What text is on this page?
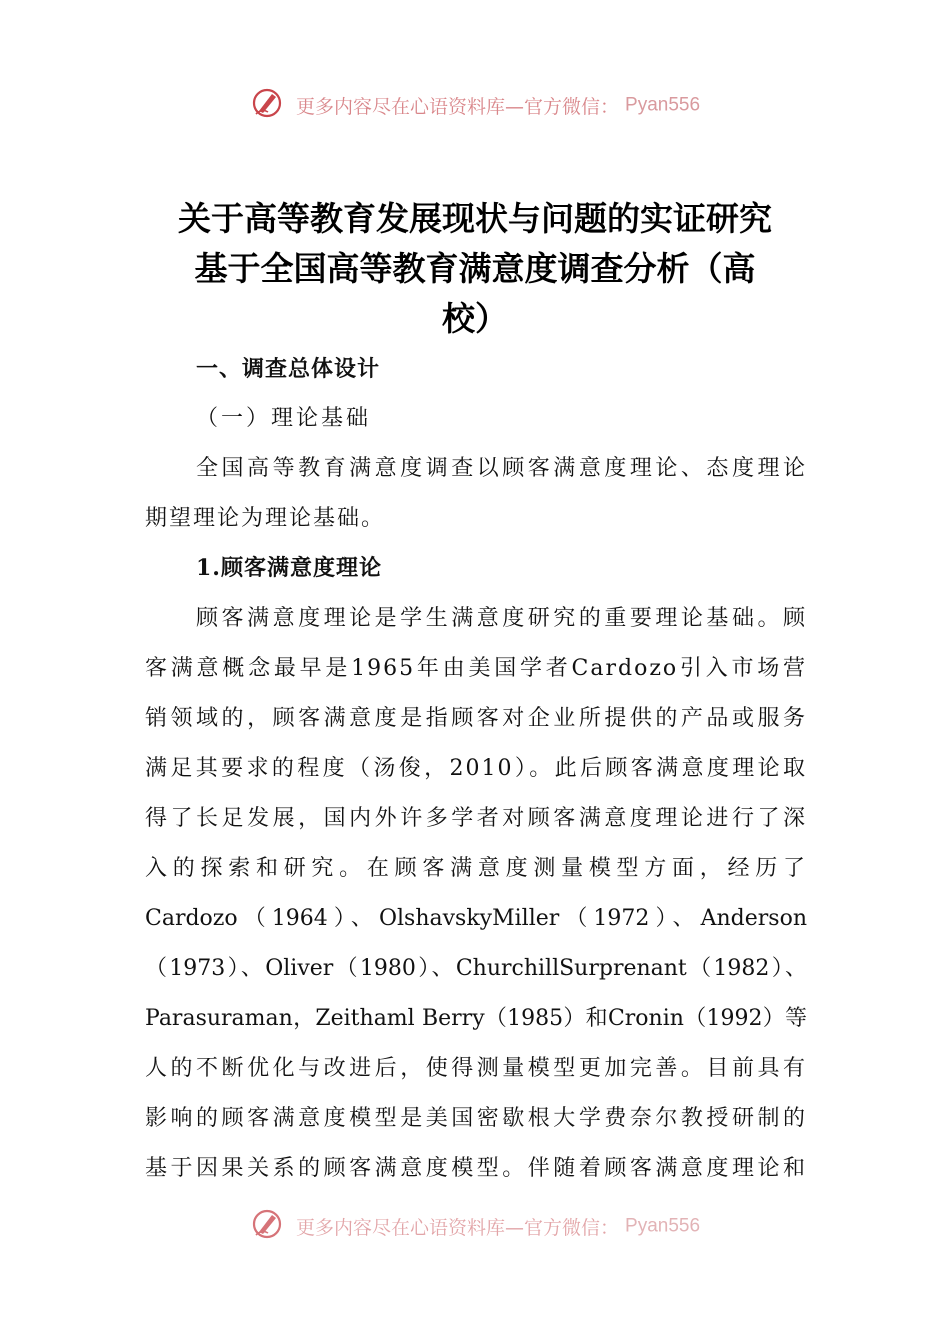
更多内容尽在心语资料库—官方微信： Pyan556
关于高等教育发展现状与问题的实证研究
基于全国高等教育满意度调查分析（高
校）
一、调查总体设计
（一）理论基础
全国高等教育满意度调查以顾客满意度理论、态度理论
期望理论为理论基础。
1.顾客满意度理论
顾客满意度理论是学生满意度研究的重要理论基础。顾
客满意概念最早是1965年由美国学者Cardozo引入市场营
销领域的，顾客满意度是指顾客对企业所提供的产品或服务
满足其要求的程度（汤俊，2010）。此后顾客满意度理论取
得了长足发展，国内外许多学者对顾客满意度理论进行了深
入的探索和研究。在顾客满意度测量模型方面，经历了
Cardozo（1964）、OlshavskyMiller（1972）、Anderson
（1973）、Oliver（1980）、ChurchillSurprenant（1982）、
Parasuraman，Zeithaml Berry（1985）和Cronin（1992）等
人的不断优化与改进后，使得测量模型更加完善。目前具有
影响的顾客满意度模型是美国密歇根大学费奈尔教授研制的
基于因果关系的顾客满意度模型。伴随着顾客满意度理论和
更多内容尽在心语资料库—官方微信： Pyan556
